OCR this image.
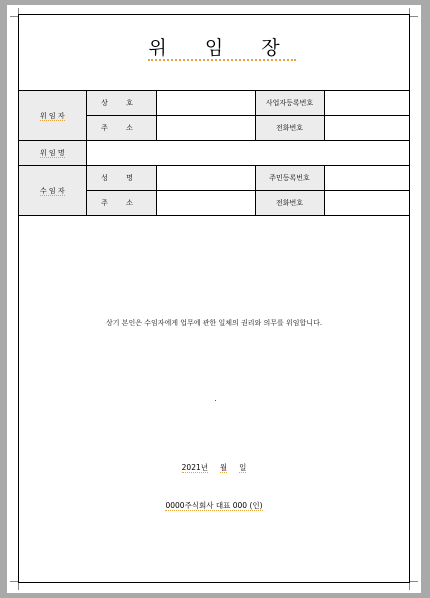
위 임 장
위 임 자	상 호		사업자등록번호	
	주 소		전화번호	
위 임 명				
수 임 자	성 명		주민등록번호	
	주 소		전화번호	
상기 본인은 수임자에게 업무에 관한 일체의 권리와 의무를 위임합니다.
2021년 월 일
0000주식회사 대표 000 (인)
